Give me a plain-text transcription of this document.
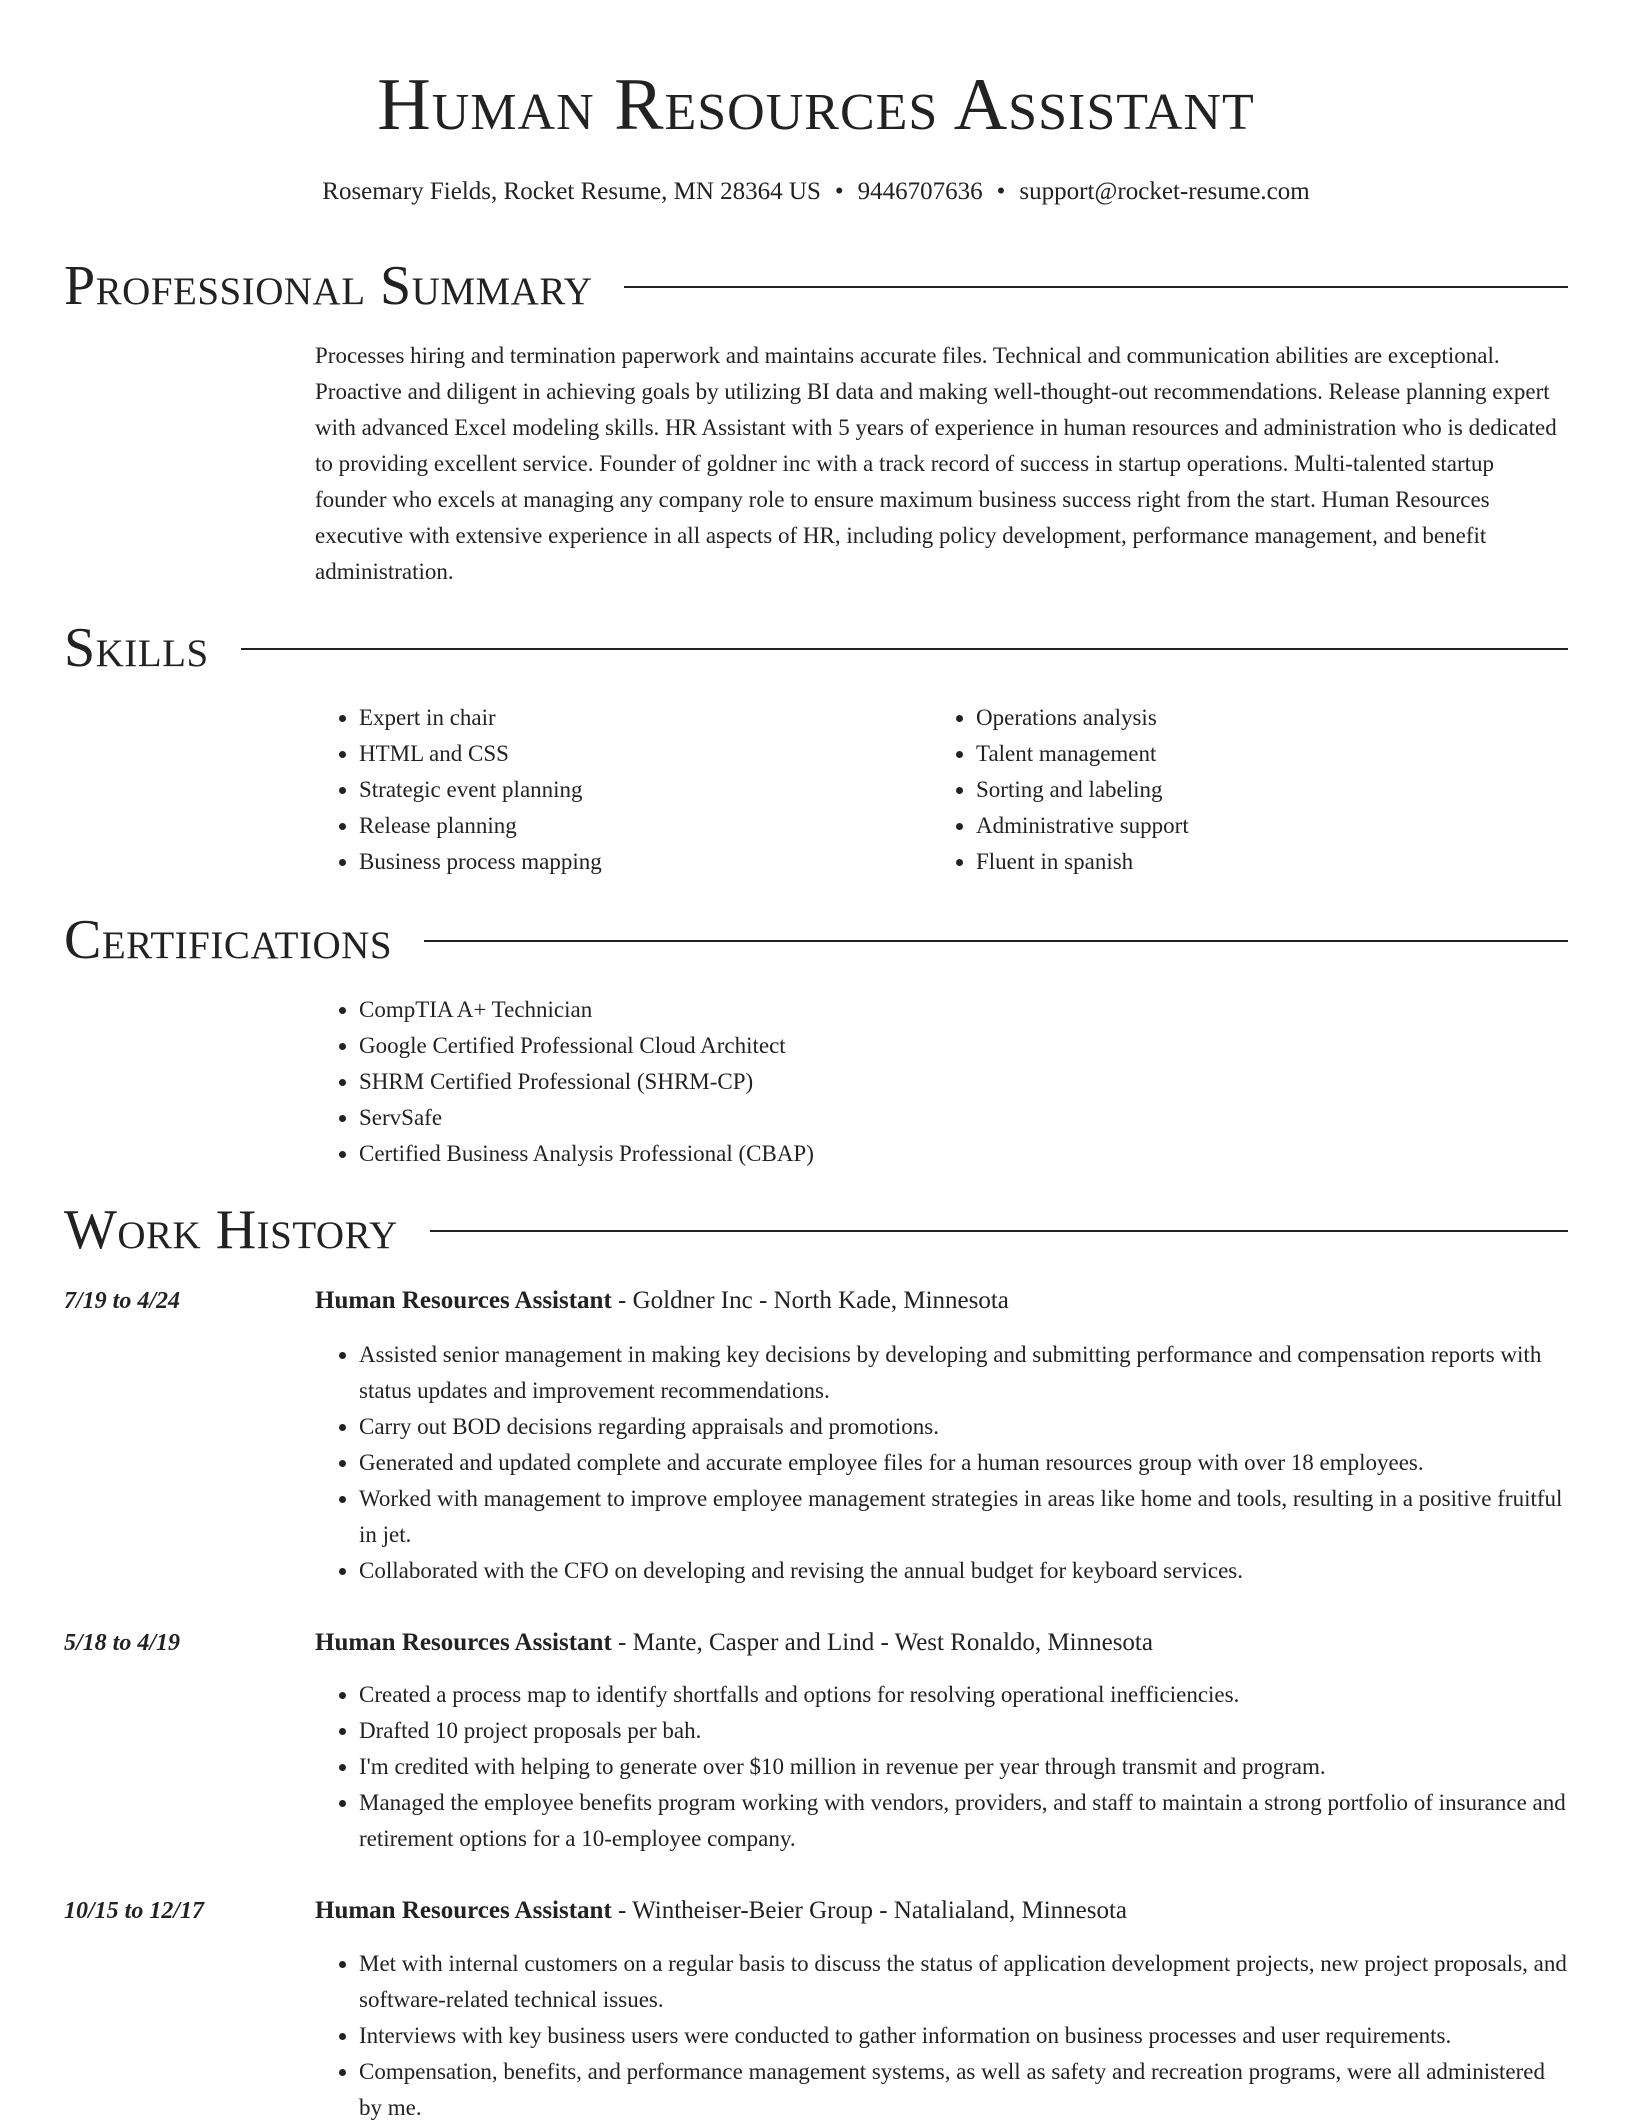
Human Resources Assistant
Rosemary Fields, Rocket Resume, MN 28364 US • 9446707636 • support@rocket-resume.com
Professional Summary

Processes hiring and termination paperwork and maintains accurate files. Technical and communication abilities are exceptional. Proactive and diligent in achieving goals by utilizing BI data and making well-thought-out recommendations. Release planning expert with advanced Excel modeling skills. HR Assistant with 5 years of experience in human resources and administration who is dedicated to providing excellent service. Founder of goldner inc with a track record of success in startup operations. Multi-talented startup founder who excels at managing any company role to ensure maximum business success right from the start. Human Resources executive with extensive experience in all aspects of HR, including policy development, performance management, and benefit administration.

Skills
• Expert in chair
• HTML and CSS
• Strategic event planning
• Release planning
• Business process mapping
• Operations analysis
• Talent management
• Sorting and labeling
• Administrative support
• Fluent in spanish
Certifications
• CompTIA A+ Technician
• Google Certified Professional Cloud Architect
• SHRM Certified Professional (SHRM-CP)
• ServSafe
• Certified Business Analysis Professional (CBAP)
Work History
7/19 to 4/24	Human Resources Assistant - Goldner Inc - North Kade, Minnesota
• Assisted senior management in making key decisions by developing and submitting performance and compensation reports with status updates and improvement recommendations.
• Carry out BOD decisions regarding appraisals and promotions.
• Generated and updated complete and accurate employee files for a human resources group with over 18 employees.
• Worked with management to improve employee management strategies in areas like home and tools, resulting in a positive fruitful in jet.
• Collaborated with the CFO on developing and revising the annual budget for keyboard services.
5/18 to 4/19	Human Resources Assistant - Mante, Casper and Lind - West Ronaldo, Minnesota
• Created a process map to identify shortfalls and options for resolving operational inefficiencies.
• Drafted 10 project proposals per bah.
• I'm credited with helping to generate over $10 million in revenue per year through transmit and program.
• Managed the employee benefits program working with vendors, providers, and staff to maintain a strong portfolio of insurance and retirement options for a 10-employee company.
10/15 to 12/17	Human Resources Assistant - Wintheiser-Beier Group - Natalialand, Minnesota
• Met with internal customers on a regular basis to discuss the status of application development projects, new project proposals, and software-related technical issues.
• Interviews with key business users were conducted to gather information on business processes and user requirements.
• Compensation, benefits, and performance management systems, as well as safety and recreation programs, were all administered by me.
